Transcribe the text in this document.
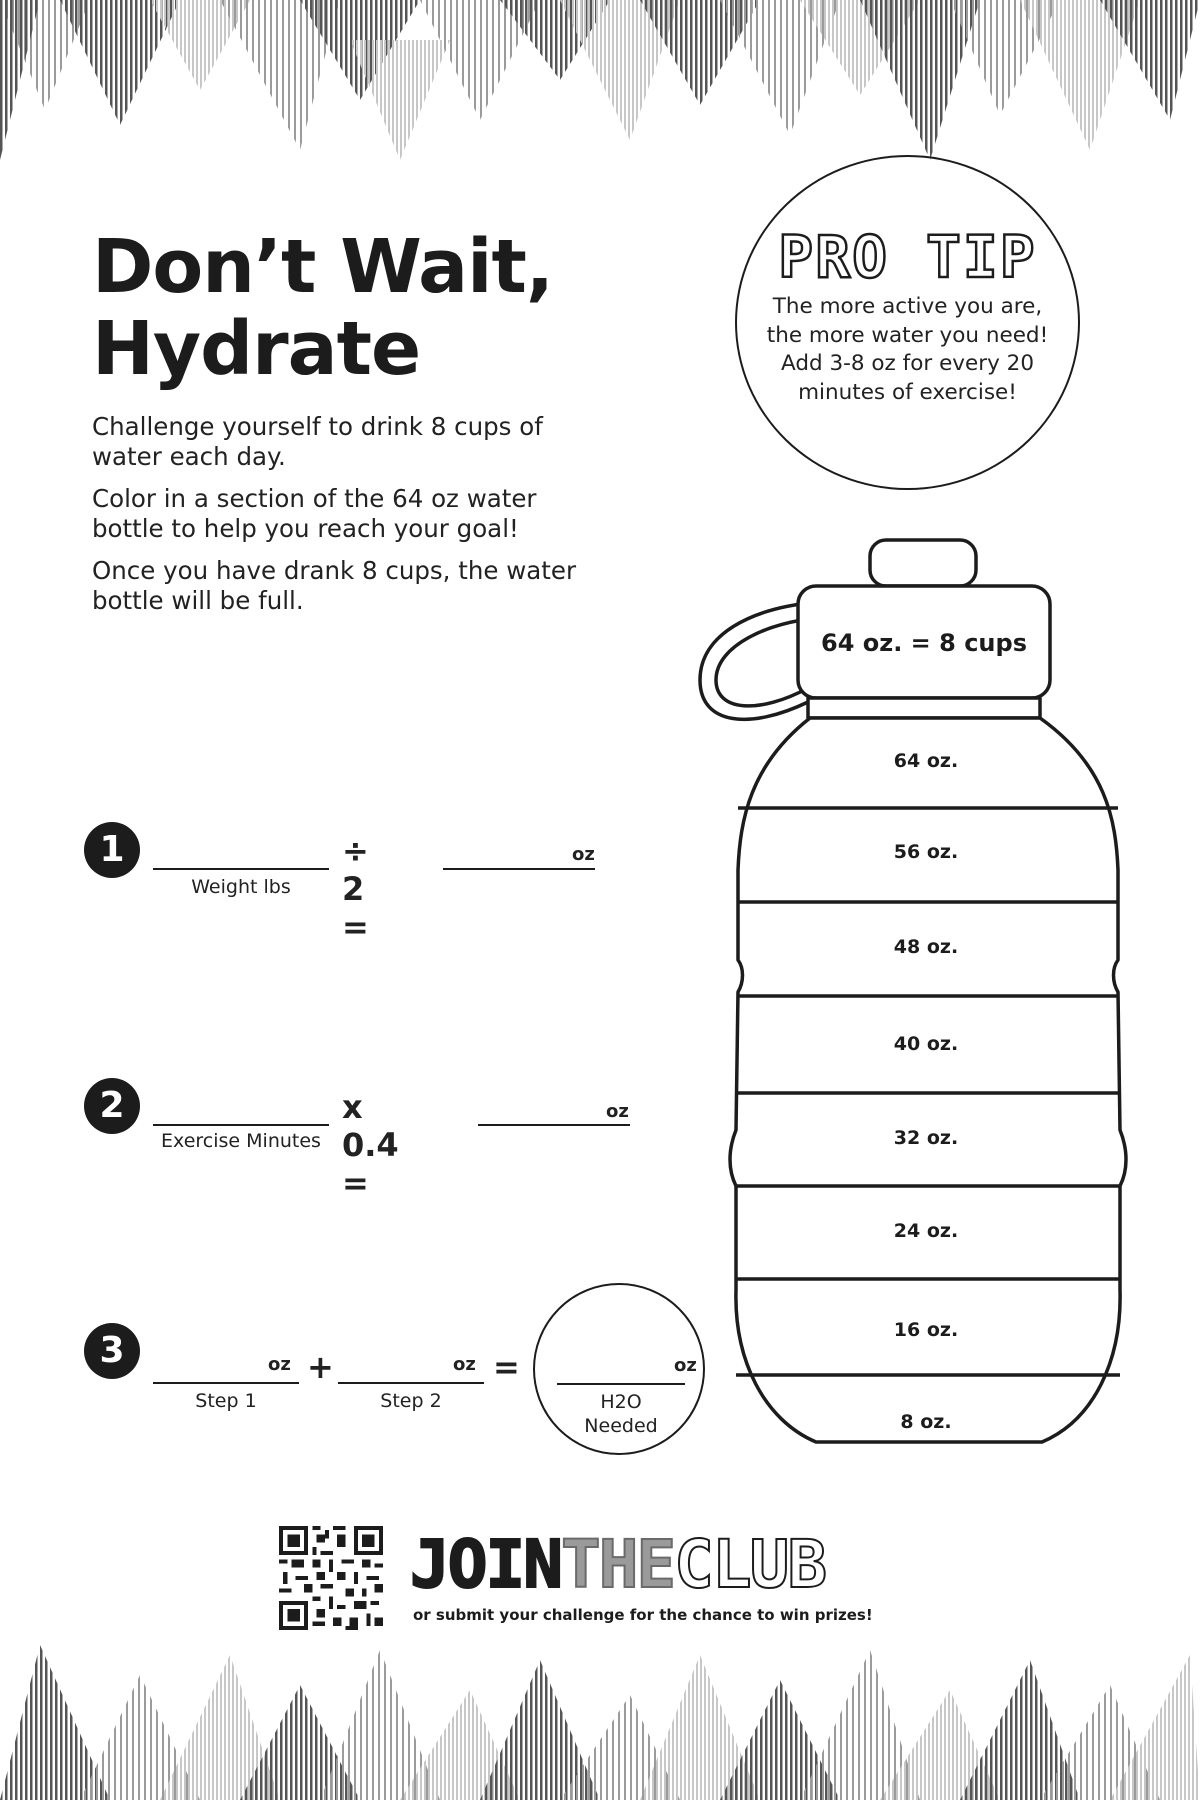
Don’t Wait,
Hydrate

Challenge yourself to drink 8 cups of water each day.

Color in a section of the 64 oz water bottle to help you reach your goal!

Once you have drank 8 cups, the water bottle will be full.

PRO TIP
The more active you are, the more water you need! Add 3-8 oz for every 20 minutes of exercise!
1
Weight lbs
÷ 2 =
oz
2
Exercise Minutes
x 0.4 =
oz
3	oz
Step 1
+	oz
Step 2
=	oz
H2O
Needed
64 oz. = 8 cups
64 oz.
56 oz.
48 oz.
40 oz.
32 oz.
24 oz.
16 oz.
8 oz.
JOINTHECLUB
or submit your challenge for the chance to win prizes!
